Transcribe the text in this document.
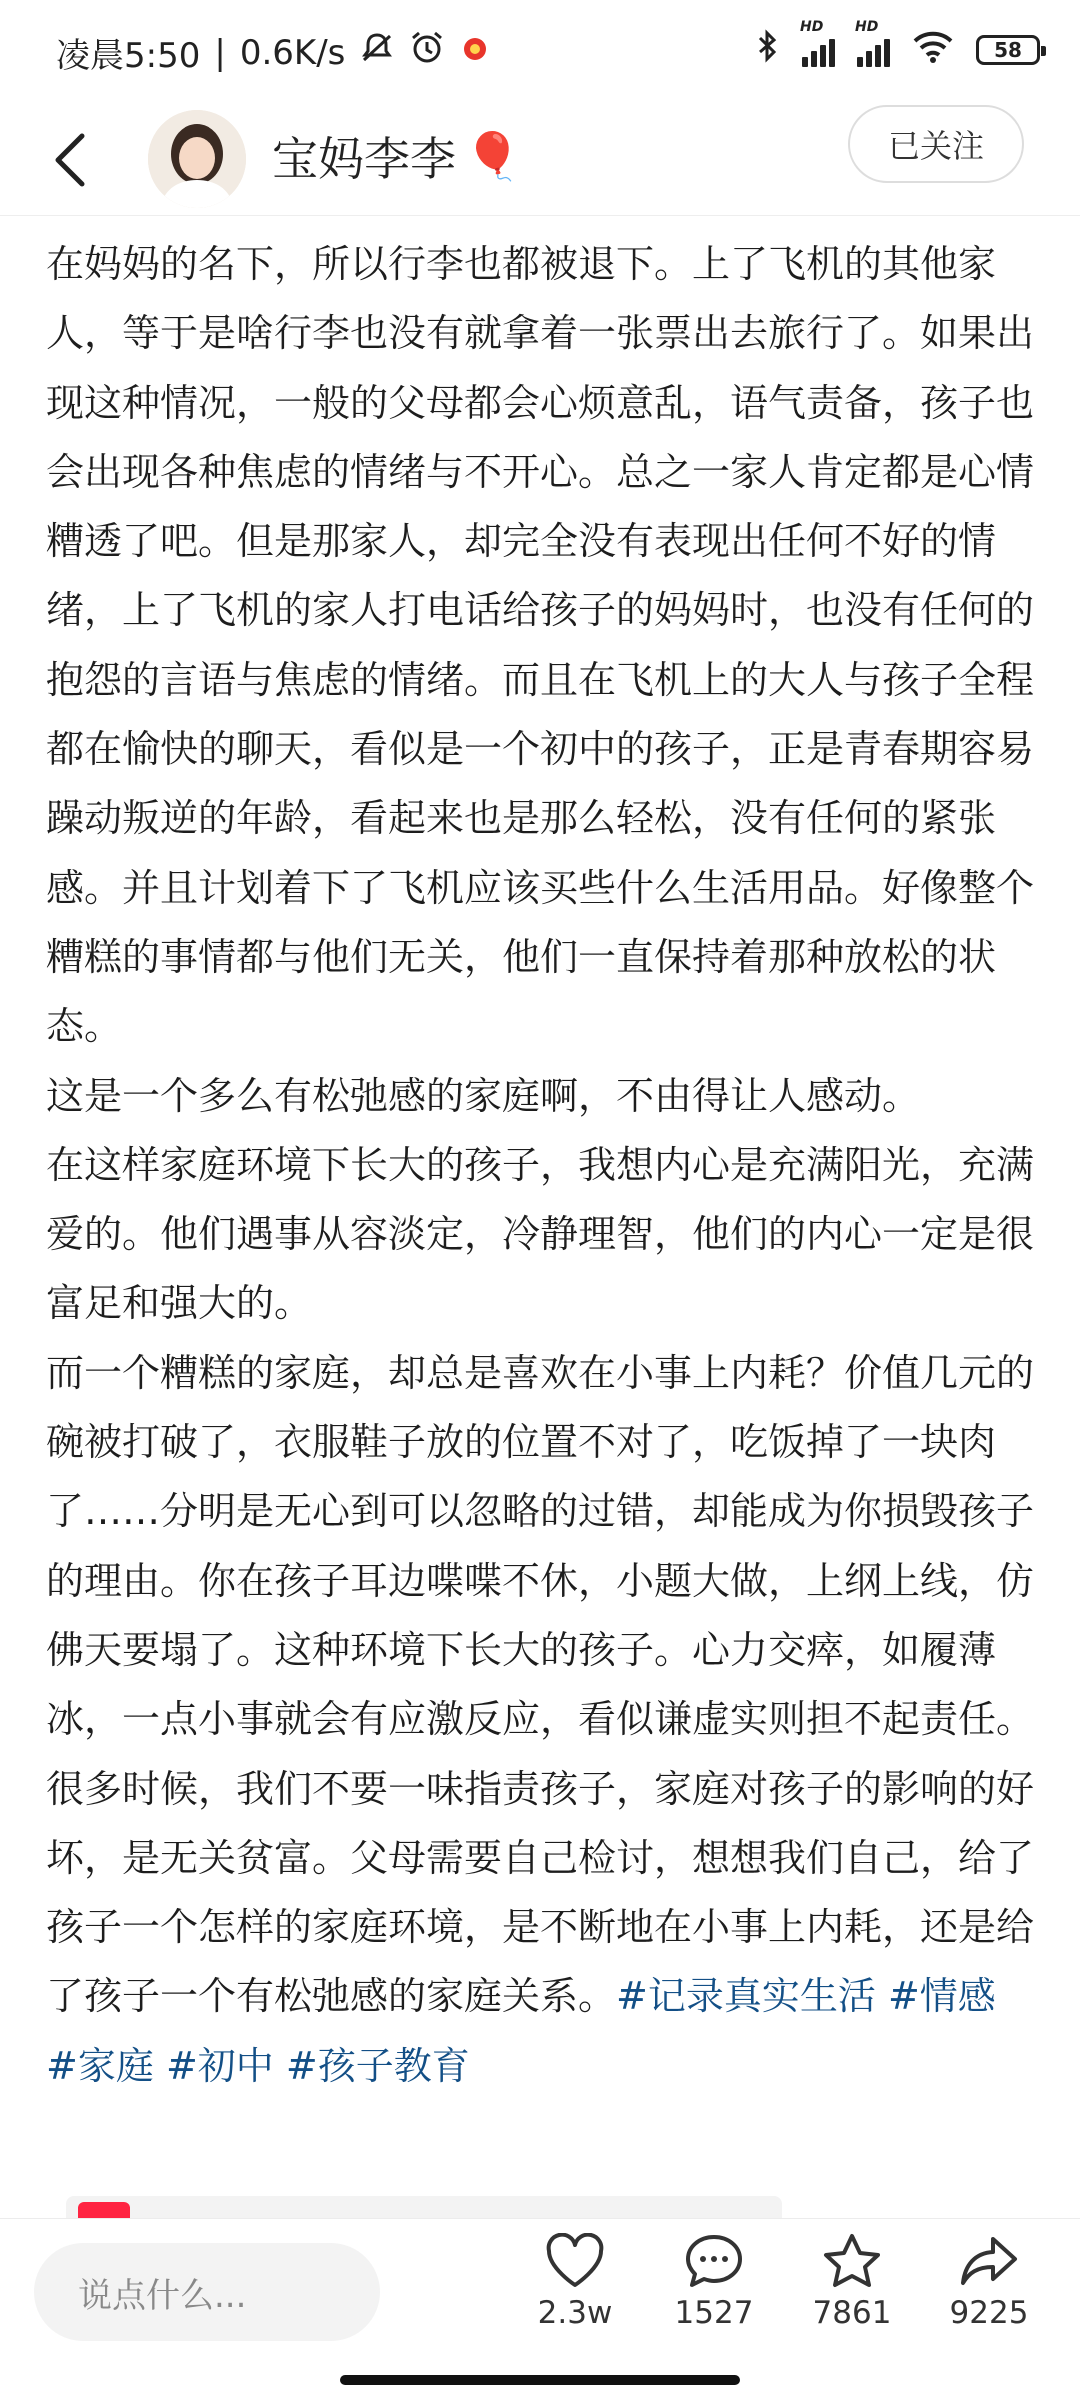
凌晨5:50 | 0.6K/s
HD HD
58
宝妈李李 🎈	已关注

在妈妈的名下，所以行李也都被退下。上了飞机的其他家人，等于是啥行李也没有就拿着一张票出去旅行了。如果出现这种情况，一般的父母都会心烦意乱，语气责备，孩子也会出现各种焦虑的情绪与不开心。总之一家人肯定都是心情糟透了吧。但是那家人，却完全没有表现出任何不好的情绪，上了飞机的家人打电话给孩子的妈妈时，也没有任何的抱怨的言语与焦虑的情绪。而且在飞机上的大人与孩子全程都在愉快的聊天，看似是一个初中的孩子，正是青春期容易躁动叛逆的年龄，看起来也是那么轻松，没有任何的紧张感。并且计划着下了飞机应该买些什么生活用品。好像整个糟糕的事情都与他们无关，他们一直保持着那种放松的状态。

这是一个多么有松弛感的家庭啊，不由得让人感动。

在这样家庭环境下长大的孩子，我想内心是充满阳光，充满爱的。他们遇事从容淡定，冷静理智，他们的内心一定是很富足和强大的。

而一个糟糕的家庭，却总是喜欢在小事上内耗？价值几元的碗被打破了，衣服鞋子放的位置不对了，吃饭掉了一块肉了……分明是无心到可以忽略的过错，却能成为你损毁孩子的理由。你在孩子耳边喋喋不休，小题大做，上纲上线，仿佛天要塌了。这种环境下长大的孩子。心力交瘁，如履薄冰，一点小事就会有应激反应，看似谦虚实则担不起责任。

很多时候，我们不要一味指责孩子，家庭对孩子的影响的好坏，是无关贫富。父母需要自己检讨，想想我们自己，给了孩子一个怎样的家庭环境，是不断地在小事上内耗，还是给了孩子一个有松弛感的家庭关系。#记录真实生活 #情感 #家庭 #初中 #孩子教育

说点什么...	2.3w	1527	7861	9225
